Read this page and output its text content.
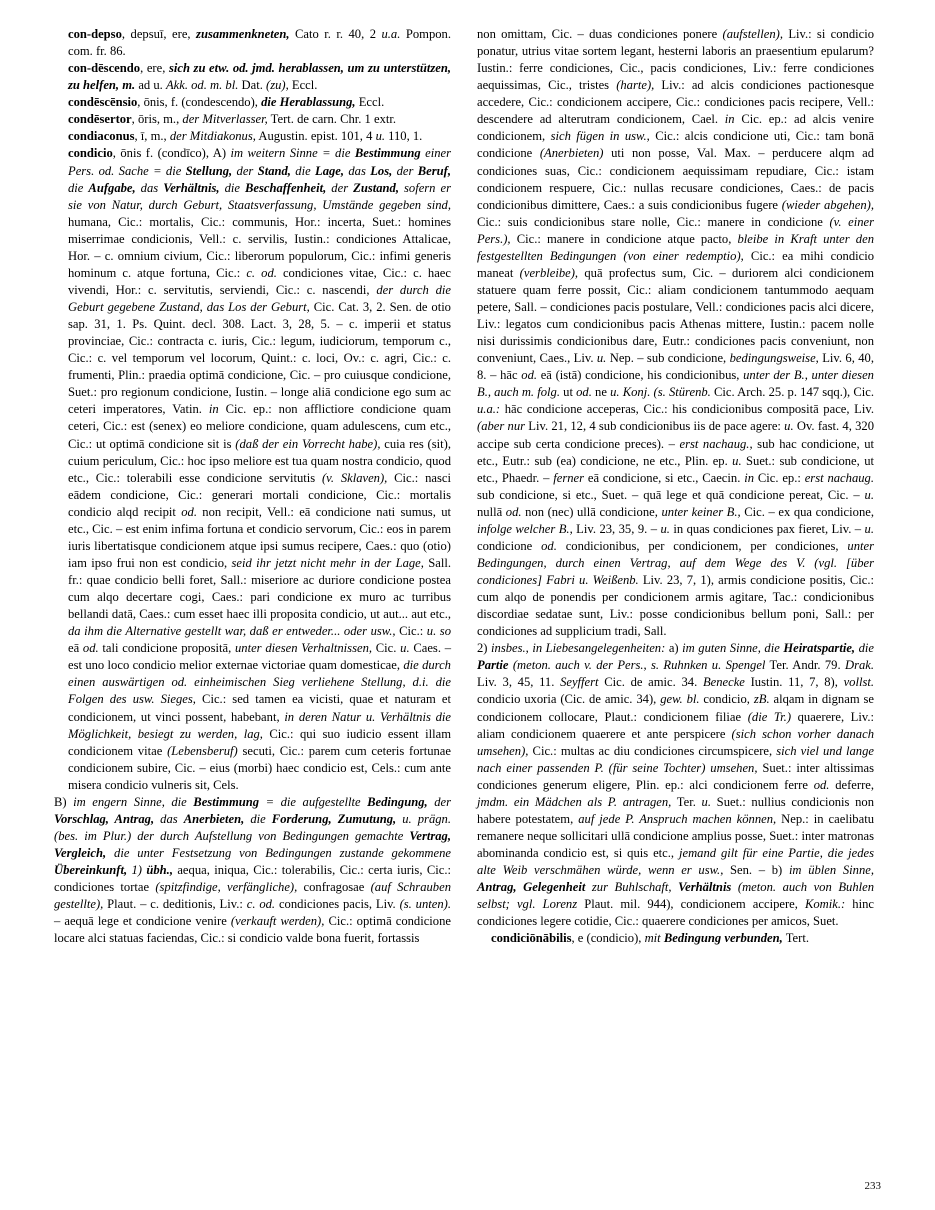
con-depso, depsuī, ere, zusammenkneten, Cato r. r. 40, 2 u.a. Pompon. com. fr. 86.

con-dēscendo, ere, sich zu etw. od. jmd. herablassen, um zu unterstützen, zu helfen, m. ad u. Akk. od. m. bl. Dat. (zu), Eccl.

condēscēnsio, ōnis, f. (condescendo), die Herablassung, Eccl.

condēsertor, ōris, m., der Mitverlasser, Tert. de carn. Chr. 1 extr.

condiaconus, ī, m., der Mitdiakonus, Augustin. epist. 101, 4 u. 110, 1.

condicio, ōnis f. (condīco), A) im weitern Sinne = die Bestimmung einer Pers. od. Sache = die Stellung, der Stand, die Lage, das Los, der Beruf, die Aufgabe, das Verhältnis, die Beschaffenheit, der Zustand, sofern er sie von Natur, durch Geburt, Staatsverfassung, Umstände gegeben sind, humana, Cic.: mortalis, Cic.: communis, Hor.: incerta, Suet.: homines miserrimae condicionis, Vell.: c. servilis, Iustin.: condiciones Attalicae, Hor. – c. omnium civium, Cic.: liberorum populorum, Cic.: infimi generis hominum c. atque fortuna, Cic.: c. od. condiciones vitae, Cic.: c. haec vivendi, Hor.: c. servitutis, serviendi, Cic.: c. nascendi, der durch die Geburt gegebene Zustand, das Los der Geburt, Cic. Cat. 3, 2. Sen. de otio sap. 31, 1. Ps. Quint. decl. 308. Lact. 3, 28, 5. – c. imperii et status provinciae, Cic.: contracta c. iuris, Cic.: legum, iudiciorum, temporum c., Cic.: c. vel temporum vel locorum, Quint.: c. loci, Ov.: c. agri, Cic.: c. frumenti, Plin.: praedia optimā condicione, Cic. – pro cuiusque condicione, Suet.: pro regionum condicione, Iustin. – longe aliā condicione ego sum ac ceteri imperatores, Vatin. in Cic. ep.: non afflictiore condicione quam ceteri, Cic.: est (senex) eo meliore condicione, quam adulescens, cum etc., Cic.: ut optimā condicione sit is (daß der ein Vorrecht habe), cuia res (sit), cuium periculum, Cic.: hoc ipso meliore est tua quam nostra condicio, quod etc., Cic.: tolerabili esse condicione servitutis (v. Sklaven), Cic.: nasci eādem condicione, Cic.: generari mortali condicione, Cic.: mortalis condicio alqd recipit od. non recipit, Vell.: eā condicione nati sumus, ut etc., Cic. – est enim infima fortuna et condicio servorum, Cic.: eos in parem iuris libertatisque condicionem atque ipsi sumus recipere, Caes.: quo (otio) iam ipso frui non est condicio, seid ihr jetzt nicht mehr in der Lage, Sall. fr.: quae condicio belli foret, Sall.: miseriore ac duriore condicione postea cum alqo decertare cogi, Caes.: pari condicione ex muro ac turribus bellandi datā, Caes.: cum esset haec illi proposita condicio, ut aut... aut etc., da ihm die Alternative gestellt war, daß er entweder... oder usw., Cic.: u. so eā od. tali condicione propositā, unter diesen Verhaltnissen, Cic. u. Caes. – est uno loco condicio melior externae victoriae quam domesticae, die durch einen auswärtigen od. einheimischen Sieg verliehene Stellung, d.i. die Folgen des usw. Sieges, Cic.: sed tamen ea vicisti, quae et naturam et condicionem, ut vinci possent, habebant, in deren Natur u. Verhältnis die Möglichkeit, besiegt zu werden, lag, Cic.: qui suo iudicio essent illam condicionem vitae (Lebensberuf) secuti, Cic.: parem cum ceteris fortunae condicionem subire, Cic. – eius (morbi) haec condicio est, Cels.: cum ante misera condicio vulneris sit, Cels.

B) im engern Sinne, die Bestimmung = die aufgestellte Bedingung, der Vorschlag, Antrag, das Anerbieten, die Forderung, Zumutung, u. prägn. (bes. im Plur.) der durch Aufstellung von Bedingungen gemachte Vertrag, Vergleich, die unter Festsetzung von Bedingungen zustande gekommene Übereinkunft, 1) übh., aequa, iniqua, Cic.: tolerabilis, Cic.: certa iuris, Cic.: condiciones tortae (spitzfindige, verfängliche), confragosae (auf Schrauben gestellte), Plaut. – c. deditionis, Liv.: c. od. condiciones pacis, Liv. (s. unten). – aequā lege et condicione venire (verkauft werden), Cic.: optimā condicione locare alci statuas faciendas, Cic.: si condicio valde bona fuerit, fortassis

non omittam, Cic. – duas condiciones ponere (aufstellen), Liv.: si condicio ponatur, utrius vitae sortem legant, hesterni laboris an praesentium epularum? Iustin.: ferre condiciones, Cic., pacis condiciones, Liv.: ferre condiciones aequissimas, Cic., tristes (harte), Liv.: ad alcis condiciones pactionesque accedere, Cic.: condicionem accipere, Cic.: condiciones pacis recipere, Vell.: descendere ad alterutram condicionem, Cael. in Cic. ep.: ad alcis venire condicionem, sich fügen in usw., Cic.: alcis condicione uti, Cic.: tam bonā condicione (Anerbieten) uti non posse, Val. Max. – perducere alqm ad condiciones suas, Cic.: condicionem aequissimam repudiare, Cic.: istam condicionem respuere, Cic.: nullas recusare condiciones, Caes.: de pacis condicionibus dimittere, Caes.: a suis condicionibus fugere (wieder abgehen), Cic.: suis condicionibus stare nolle, Cic.: manere in condicione (v. einer Pers.), Cic.: manere in condicione atque pacto, bleibe in Kraft unter den festgestellten Bedingungen (von einer redemptio), Cic.: ea mihi condicio maneat (verbleibe), quā profectus sum, Cic. – duriorem alci condicionem statuere quam ferre possit, Cic.: aliam condicionem tantummodo aequam petere, Sall. – condiciones pacis postulare, Vell.: condiciones pacis alci dicere, Liv.: legatos cum condicionibus pacis Athenas mittere, Iustin.: pacem nolle nisi durissimis condicionibus dare, Eutr.: condiciones pacis conveniunt, non conveniunt, Caes., Liv. u. Nep. – sub condicione, bedingungsweise, Liv. 6, 40, 8. – hāc od. eā (istā) condicione, his condicionibus, unter der B., unter diesen B., auch m. folg. ut od. ne u. Konj. (s. Stürenb. Cic. Arch. 25. p. 147 sqq.), Cic. u.a.: hāc condicione acceperas, Cic.: his condicionibus compositā pace, Liv. (aber nur Liv. 21, 12, 4 sub condicionibus iis de pace agere: u. Ov. fast. 4, 320 accipe sub certa condicione preces). – erst nachaug., sub hac condicione, ut etc., Eutr.: sub (ea) condicione, ne etc., Plin. ep. u. Suet.: sub condicione, ut etc., Phaedr. – ferner eā condicione, si etc., Caecin. in Cic. ep.: erst nachaug. sub condicione, si etc., Suet. – quā lege et quā condicione pereat, Cic. – u. nullā od. non (nec) ullā condicione, unter keiner B., Cic. – ex qua condicione, infolge welcher B., Liv. 23, 35, 9. – u. in quas condiciones pax fieret, Liv. – u. condicione od. condicionibus, per condicionem, per condiciones, unter Bedingungen, durch einen Vertrag, auf dem Wege des V. (vgl. [über condiciones] Fabri u. Weißenb. Liv. 23, 7, 1), armis condicione positis, Cic.: cum alqo de ponendis per condicionem armis agitare, Tac.: condicionibus discordiae sedatae sunt, Liv.: posse condicionibus bellum poni, Sall.: per condiciones ad supplicium tradi, Sall.

2) insbes., in Liebesangelegenheiten: a) im guten Sinne, die Heiratspartie, die Partie (meton. auch v. der Pers., s. Ruhnken u. Spengel Ter. Andr. 79. Drak. Liv. 3, 45, 11. Seyffert Cic. de amic. 34. Benecke Iustin. 11, 7, 8), vollst. condicio uxoria (Cic. de amic. 34), gew. bl. condicio, zB. alqam in dignam se condicionem collocare, Plaut.: condicionem filiae (die Tr.) quaerere, Liv.: aliam condicionem quaerere et ante perspicere (sich schon vorher danach umsehen), Cic.: multas ac diu condiciones circumspicere, sich viel und lange nach einer passenden P. (für seine Tochter) umsehen, Suet.: inter altissimas condiciones generum eligere, Plin. ep.: alci condicionem ferre od. deferre, jmdm. ein Mädchen als P. antragen, Ter. u. Suet.: nullius condicionis non habere potestatem, auf jede P. Anspruch machen können, Nep.: in caelibatu remanere neque sollicitari ullā condicione amplius posse, Suet.: inter matronas abominanda condicio est, si quis etc., jemand gilt für eine Partie, die jedes alte Weib verschmähen würde, wenn er usw., Sen. – b) im üblen Sinne, Antrag, Gelegenheit zur Buhlschaft, Verhältnis (meton. auch von Buhlen selbst; vgl. Lorenz Plaut. mil. 944), condicionem accipere, Komik.: hinc condiciones legere cotidie, Cic.: quaerere condiciones per amicos, Suet.

condiciōnābilis, e (condicio), mit Bedingung verbunden, Tert.

233
